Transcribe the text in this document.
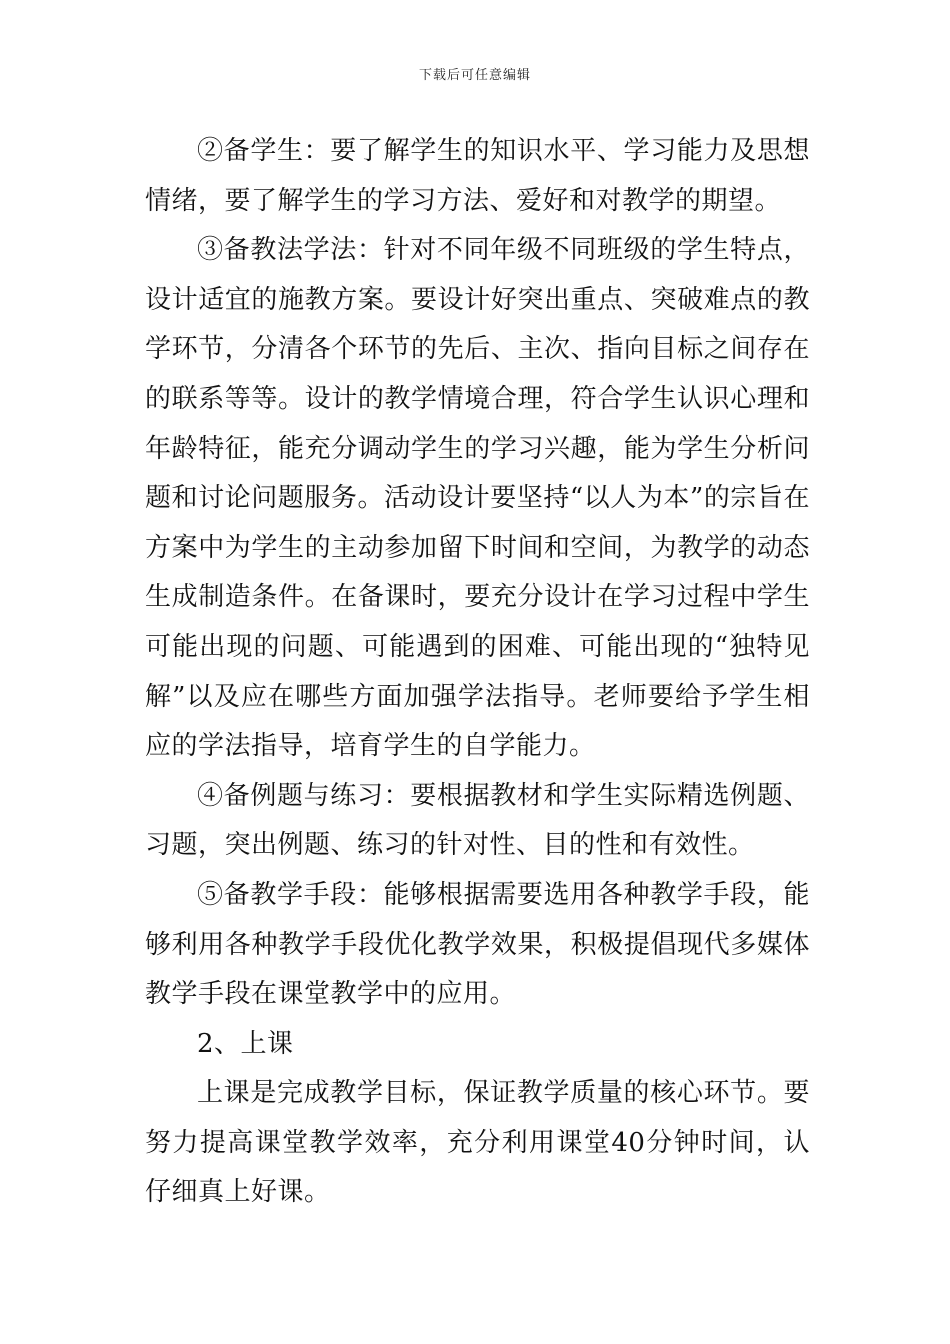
下载后可任意编辑

②备学生：要了解学生的知识水平、学习能力及思想情绪，要了解学生的学习方法、爱好和对教学的期望。

③备教法学法：针对不同年级不同班级的学生特点，设计适宜的施教方案。要设计好突出重点、突破难点的教学环节，分清各个环节的先后、主次、指向目标之间存在的联系等等。设计的教学情境合理，符合学生认识心理和年龄特征，能充分调动学生的学习兴趣，能为学生分析问题和讨论问题服务。活动设计要坚持“以人为本”的宗旨在方案中为学生的主动参加留下时间和空间，为教学的动态生成制造条件。在备课时，要充分设计在学习过程中学生可能出现的问题、可能遇到的困难、可能出现的“独特见解”以及应在哪些方面加强学法指导。老师要给予学生相应的学法指导，培育学生的自学能力。

④备例题与练习：要根据教材和学生实际精选例题、习题，突出例题、练习的针对性、目的性和有效性。

⑤备教学手段：能够根据需要选用各种教学手段，能够利用各种教学手段优化教学效果，积极提倡现代多媒体教学手段在课堂教学中的应用。

2、上课

上课是完成教学目标，保证教学质量的核心环节。要努力提高课堂教学效率，充分利用课堂40分钟时间，认仔细真上好课。
